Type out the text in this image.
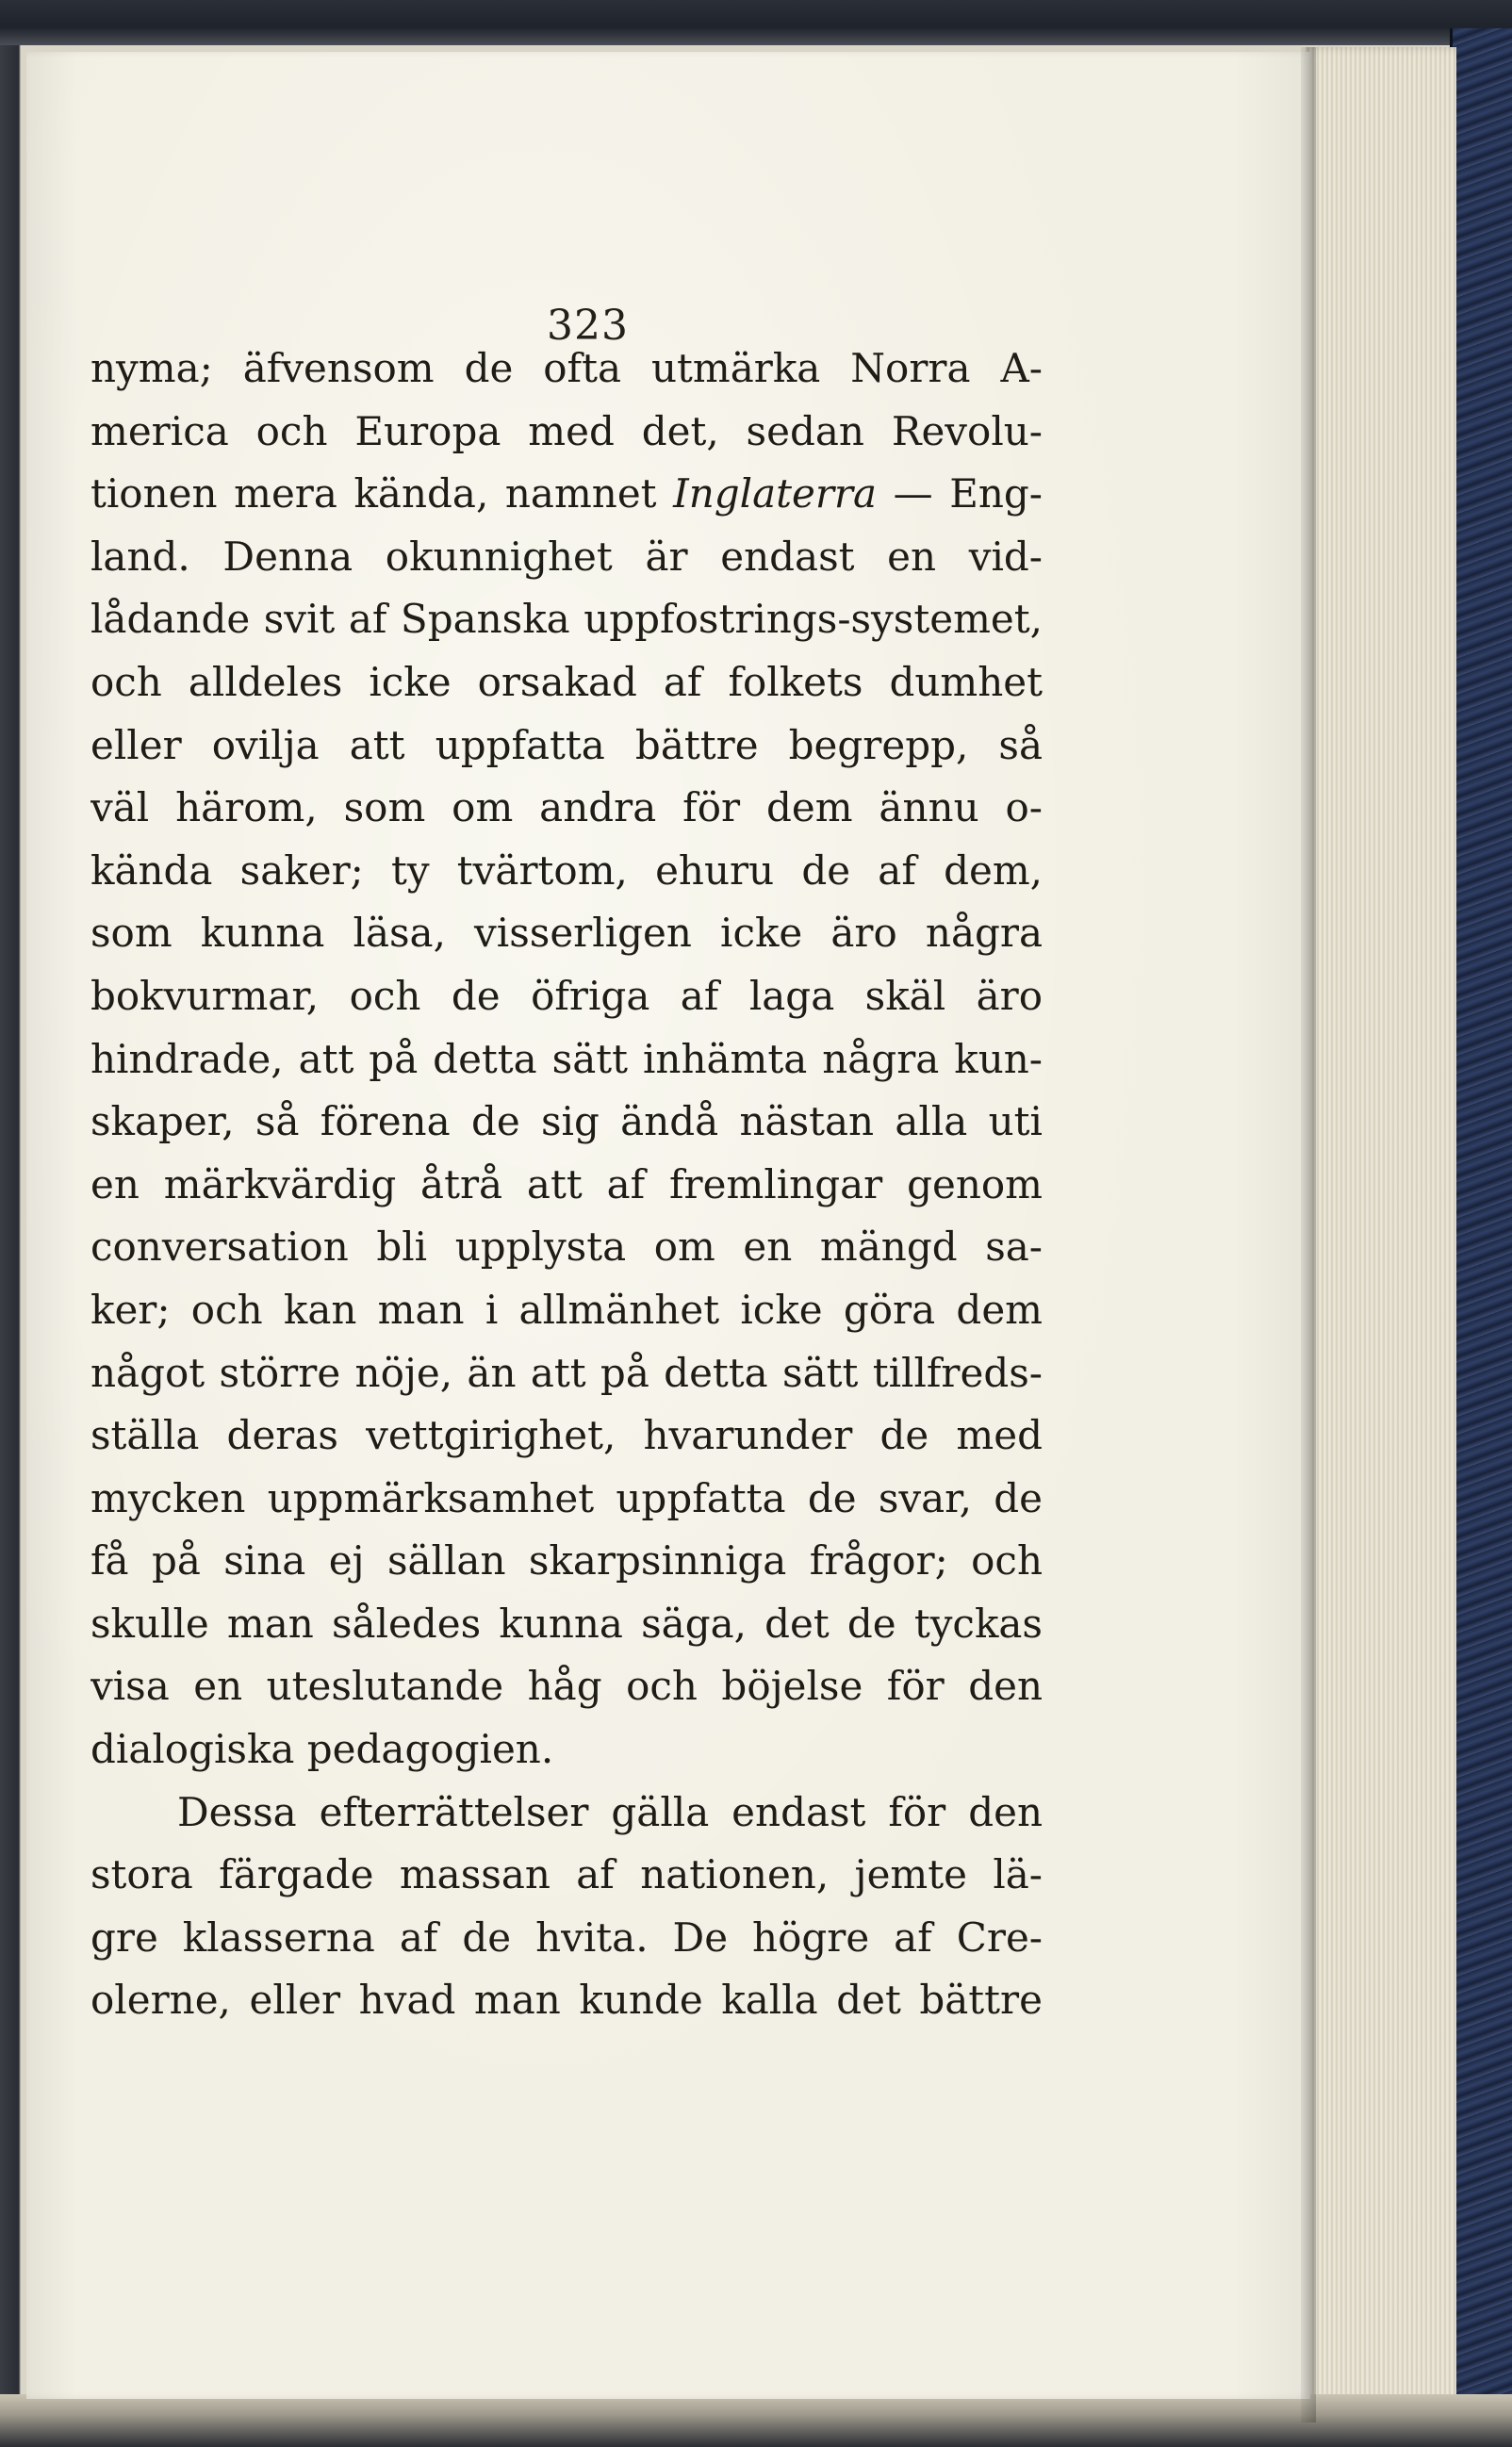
323
nyma; äfvensom de ofta utmärka Norra A-
merica och Europa med det, sedan Revolu-
tionen mera kända, namnet Inglaterra — Eng-
land. Denna okunnighet är endast en vid-
lådande svit af Spanska uppfostrings-systemet,
och alldeles icke orsakad af folkets dumhet
eller ovilja att uppfatta bättre begrepp, så
väl härom, som om andra för dem ännu o-
kända saker; ty tvärtom, ehuru de af dem,
som kunna läsa, visserligen icke äro några
bokvurmar, och de öfriga af laga skäl äro
hindrade, att på detta sätt inhämta några kun-
skaper, så förena de sig ändå nästan alla uti
en märkvärdig åtrå att af fremlingar genom
conversation bli upplysta om en mängd sa-
ker; och kan man i allmänhet icke göra dem
något större nöje, än att på detta sätt tillfreds-
ställa deras vettgirighet, hvarunder de med
mycken uppmärksamhet uppfatta de svar, de
få på sina ej sällan skarpsinniga frågor; och
skulle man således kunna säga, det de tyckas
visa en uteslutande håg och böjelse för den
dialogiska pedagogien.
Dessa efterrättelser gälla endast för den
stora färgade massan af nationen, jemte lä-
gre klasserna af de hvita. De högre af Cre-
olerne, eller hvad man kunde kalla det bättre
